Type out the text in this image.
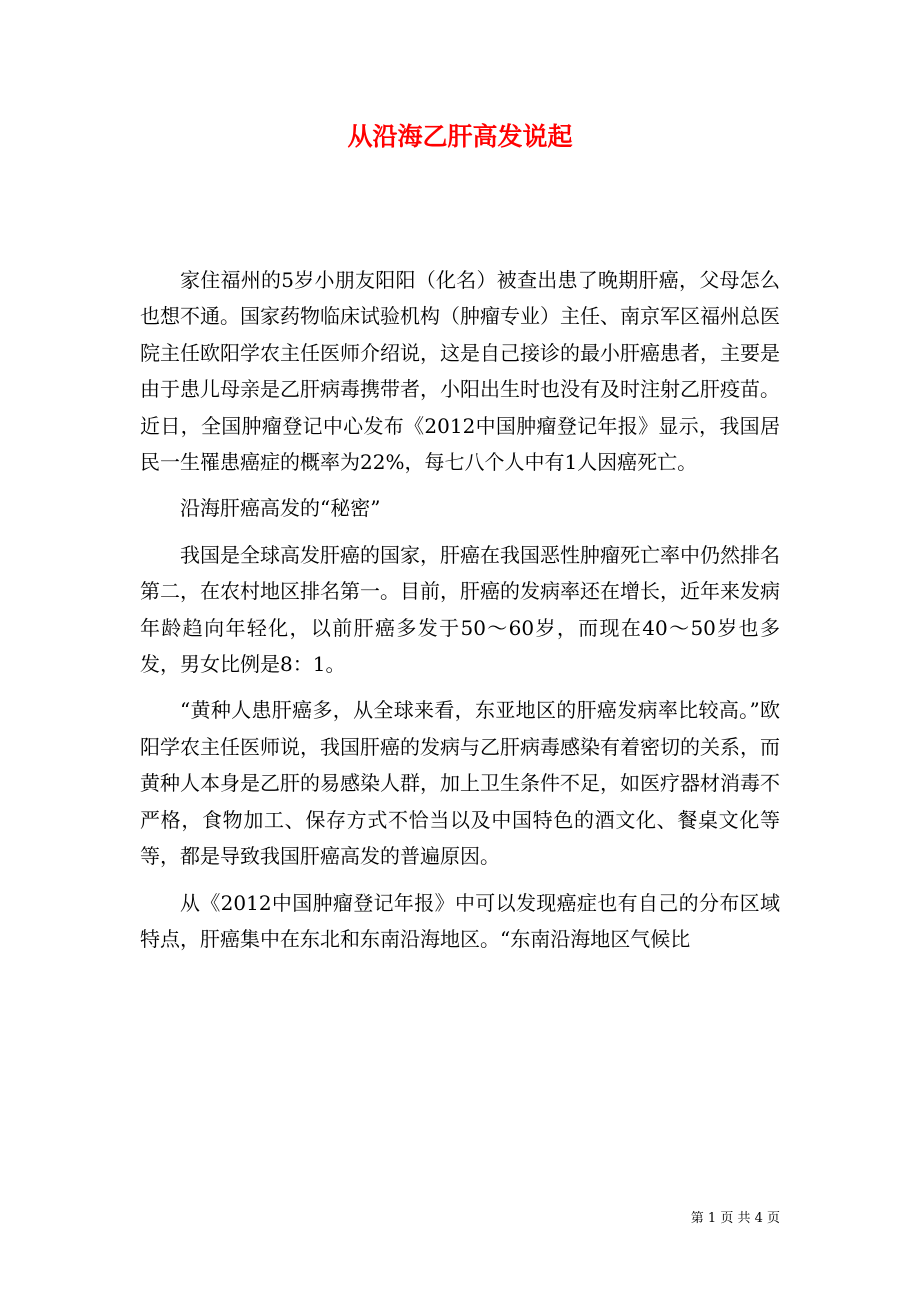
从沿海乙肝高发说起

家住福州的5岁小朋友阳阳（化名）被查出患了晚期肝癌，父母怎么也想不通。国家药物临床试验机构（肿瘤专业）主任、南京军区福州总医院主任欧阳学农主任医师介绍说，这是自己接诊的最小肝癌患者，主要是由于患儿母亲是乙肝病毒携带者，小阳出生时也没有及时注射乙肝疫苗。近日，全国肿瘤登记中心发布《2012中国肿瘤登记年报》显示，我国居民一生罹患癌症的概率为22%，每七八个人中有1人因癌死亡。

沿海肝癌高发的“秘密”

我国是全球高发肝癌的国家，肝癌在我国恶性肿瘤死亡率中仍然排名第二，在农村地区排名第一。目前，肝癌的发病率还在增长，近年来发病年龄趋向年轻化，以前肝癌多发于50～60岁，而现在40～50岁也多发，男女比例是8：1。

“黄种人患肝癌多，从全球来看，东亚地区的肝癌发病率比较高。”欧阳学农主任医师说，我国肝癌的发病与乙肝病毒感染有着密切的关系，而黄种人本身是乙肝的易感染人群，加上卫生条件不足，如医疗器材消毒不严格，食物加工、保存方式不恰当以及中国特色的酒文化、餐桌文化等等，都是导致我国肝癌高发的普遍原因。

从《2012中国肿瘤登记年报》中可以发现癌症也有自己的分布区域特点，肝癌集中在东北和东南沿海地区。“东南沿海地区气候比

第 1 页 共 4 页
